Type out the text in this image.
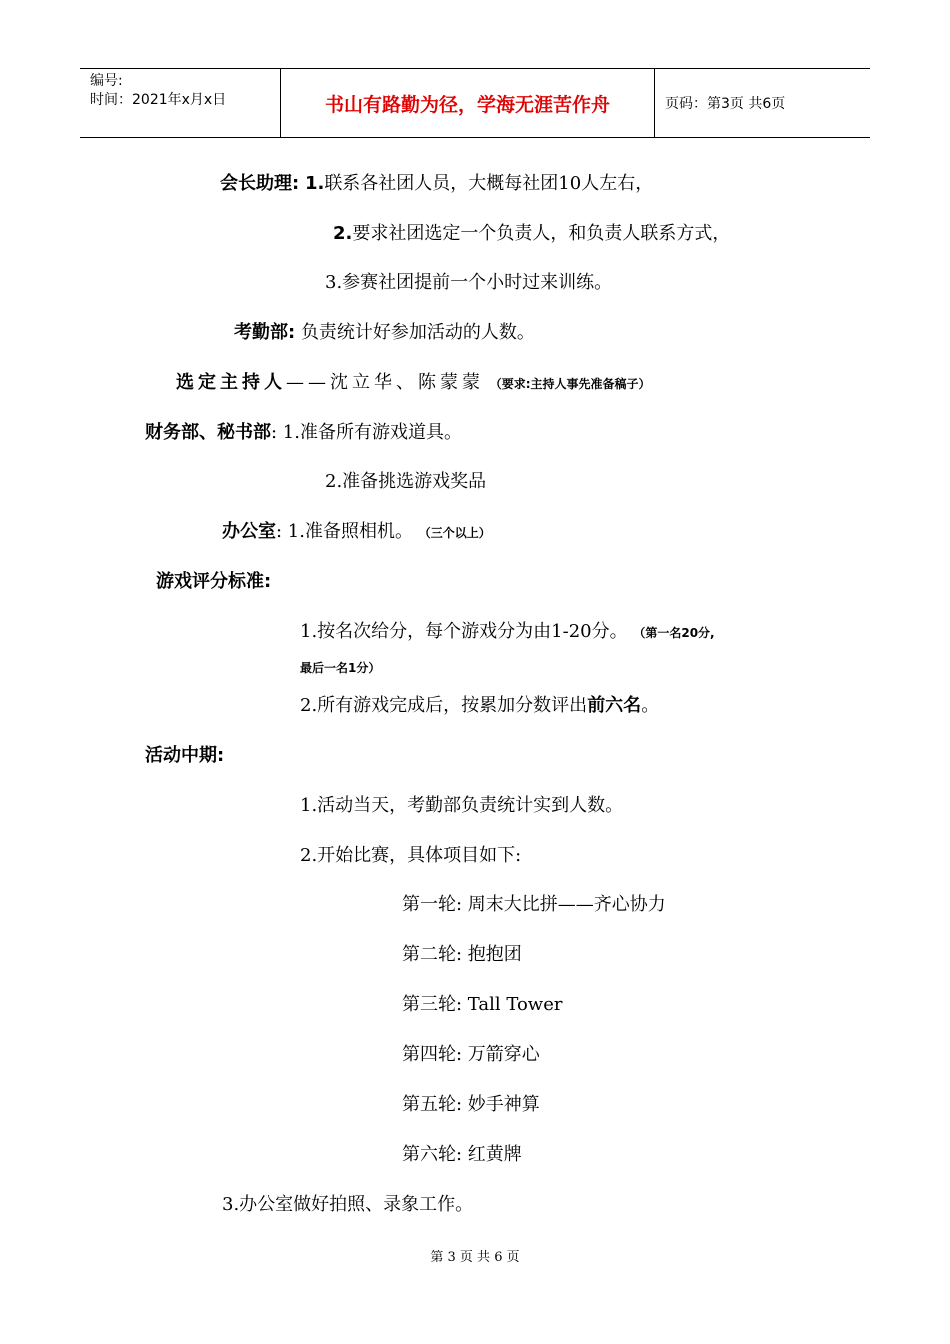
编号:
时间：2021年x月x日	书山有路勤为径，学海无涯苦作舟	页码：第3页 共6页
会长助理: 1.联系各社团人员，大概每社团10人左右，
2.要求社团选定一个负责人，和负责人联系方式，
3.参赛社团提前一个小时过来训练。
考勤部: 负责统计好参加活动的人数。
选定主持人——沈立华、陈蒙蒙 （要求:主持人事先准备稿子）
财务部、秘书部: 1.准备所有游戏道具。
2.准备挑选游戏奖品
办公室: 1.准备照相机。 （三个以上）
游戏评分标准:
1.按名次给分，每个游戏分为由1-20分。 （第一名20分,
最后一名1分）
2.所有游戏完成后，按累加分数评出前六名。
活动中期:
1.活动当天，考勤部负责统计实到人数。
2.开始比赛，具体项目如下:
第一轮: 周末大比拼——齐心协力
第二轮: 抱抱团
第三轮: Tall Tower
第四轮: 万箭穿心
第五轮: 妙手神算
第六轮: 红黄牌
3.办公室做好拍照、录象工作。
第 3 页 共 6 页
